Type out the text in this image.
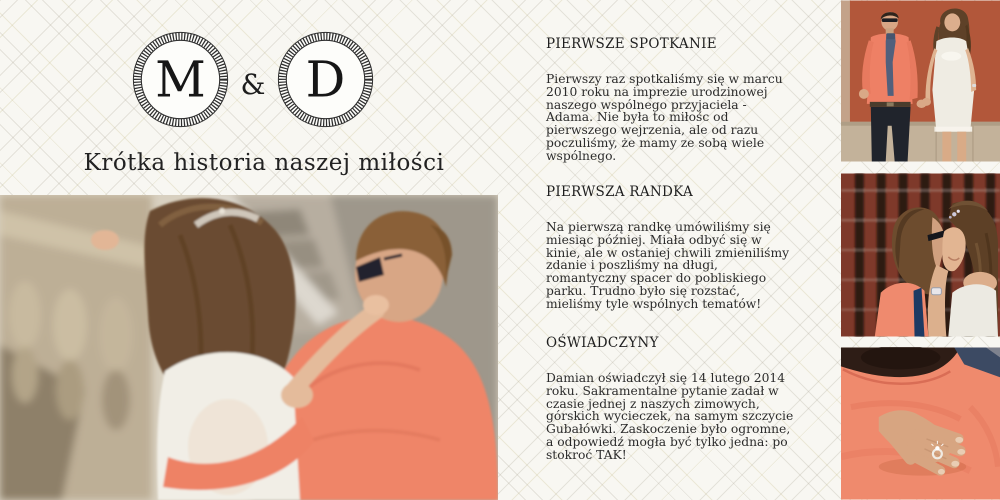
M	& D
Krótka historia naszej miłości
PIERWSZE SPOTKANIE

Pierwszy raz spotkaliśmy się w marcu 2010 roku na imprezie urodzinowej naszego wspólnego przyjaciela - Adama. Nie była to miłośc od pierwszego wejrzenia, ale od razu poczuliśmy, że mamy ze sobą wiele wspólnego.

PIERWSZA RANDKA

Na pierwszą randkę umówiliśmy się miesiąc później. Miała odbyć się w kinie, ale w ostaniej chwili zmieniliśmy zdanie i poszliśmy na długi, romantyczny spacer do pobliskiego parku. Trudno było się rozstać, mieliśmy tyle wspólnych tematów!

OŚWIADCZYNY

Damian oświadczył się 14 lutego 2014 roku. Sakramentalne pytanie zadał w czasie jednej z naszych zimowych, górskich wycieczek, na samym szczycie Gubałówki. Zaskoczenie było ogromne, a odpowiedź mogła być tylko jedna: po stokroć TAK!
